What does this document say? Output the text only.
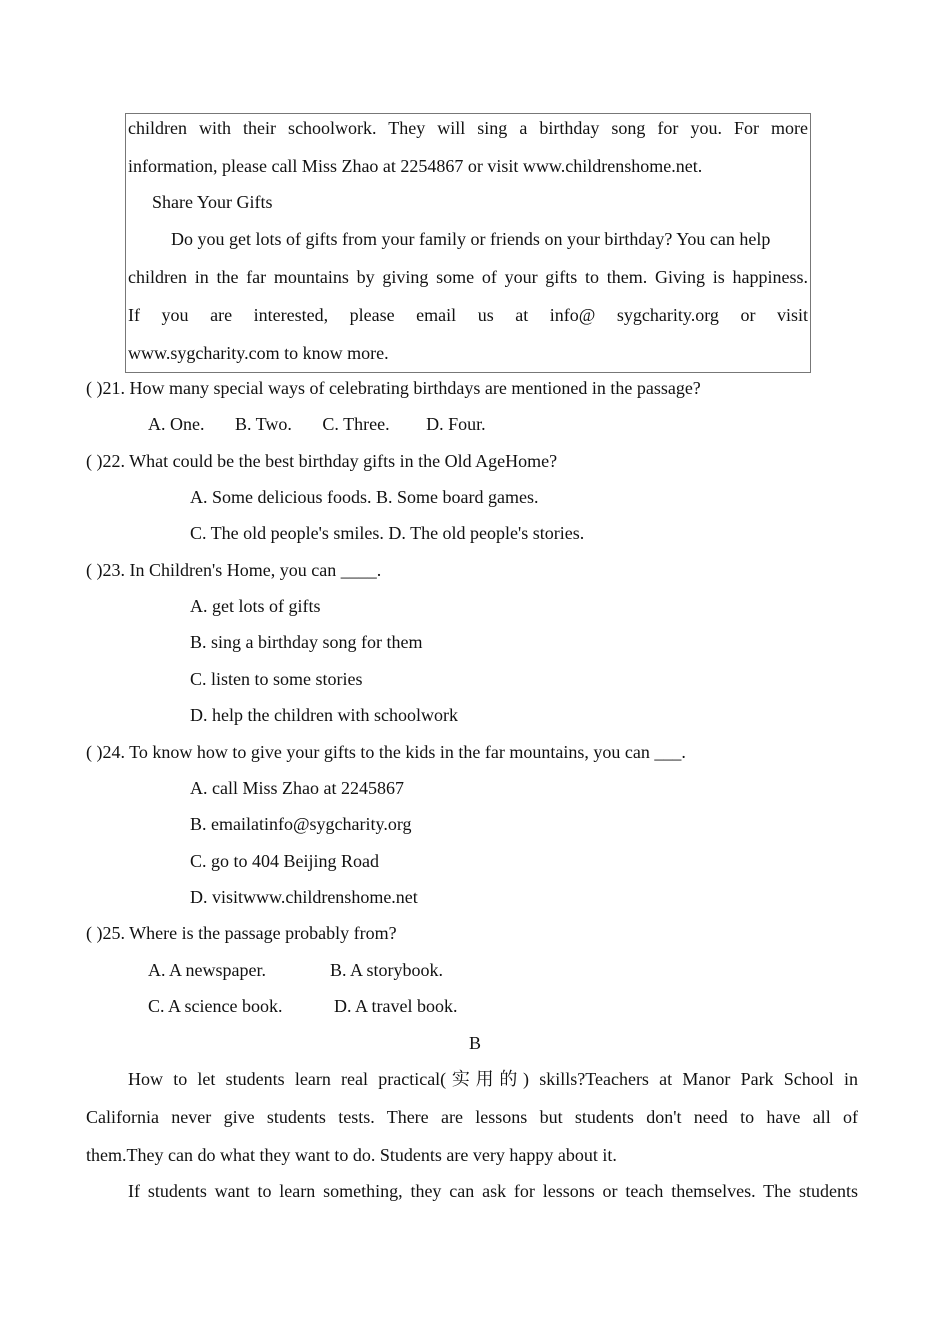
children with their schoolwork. They will sing a birthday song for you. For more
information, please call Miss Zhao at 2254867 or visit www.childrenshome.net.
Share Your Gifts
Do you get lots of gifts from your family or friends on your birthday? You can help
children in the far mountains by giving some of your gifts to them. Giving is happiness.
If you are interested, please email us at info@ sygcharity.org or visit
www.sygcharity.com to know more.
( )21. How many special ways of celebrating birthdays are mentioned in the passage?
A. One. B. Two. C. Three. D. Four.
( )22. What could be the best birthday gifts in the Old AgeHome?
A. Some delicious foods. B. Some board games.
C. The old people's smiles. D. The old people's stories.
( )23. In Children's Home, you can ____.
A. get lots of gifts
B. sing a birthday song for them
C. listen to some stories
D. help the children with schoolwork
( )24. To know how to give your gifts to the kids in the far mountains, you can ___.
A. call Miss Zhao at 2245867
B. emailatinfo@sygcharity.org
C. go to 404 Beijing Road
D. visitwww.childrenshome.net
( )25. Where is the passage probably from?
A. A newspaper.	B. A storybook.
C. A science book.	D. A travel book.
B
How to let students learn real practical(实用的) skills?Teachers at Manor Park School in
California never give students tests. There are lessons but students don't need to have all of
them.They can do what they want to do. Students are very happy about it.
If students want to learn something, they can ask for lessons or teach themselves. The students
